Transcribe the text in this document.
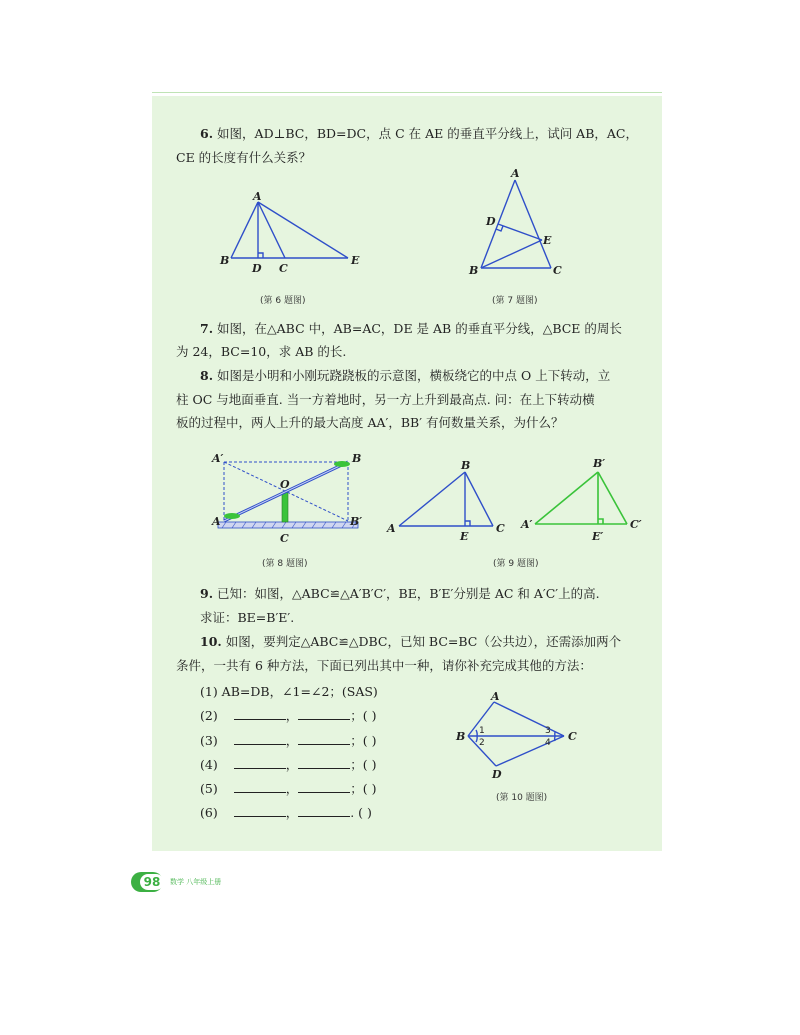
6. 如图，AD⊥BC，BD=DC，点 C 在 AE 的垂直平分线上，试问 AB，AC，
CE 的长度有什么关系？
A
B
D C
E
(第 6 题图)
A
D
E
B	C
(第 7 题图)
7. 如图，在△ABC 中，AB=AC，DE 是 AB 的垂直平分线，△BCE 的周长
为 24，BC=10，求 AB 的长.
8. 如图是小明和小刚玩跷跷板的示意图，横板绕它的中点 O 上下转动，立
柱 OC 与地面垂直. 当一方着地时，另一方上升到最高点. 问：在上下转动横
板的过程中，两人上升的最大高度 AA′，BB′ 有何数量关系，为什么？
A′	B
O
A	B′
C
(第 8 题图)
B
A
E
C
B′
A′
E′
C′
(第 9 题图)
9. 已知：如图，△ABC≌△A′B′C′，BE，B′E′分别是 AC 和 A′C′上的高.
求证：BE=B′E′.
10. 如图，要判定△ABC≌△DBC，已知 BC=BC（公共边），还需添加两个
条件，一共有 6 种方法，下面已列出其中一种，请你补充完成其他的方法：
(1) AB=DB，∠1=∠2；(SAS)
(2)	，	；( )
(3)	，	；( )
(4)	，	；( )
(5)	，	；( )
(6)	，	. ( )
A
B	C
D
1
2
3
4
(第 10 题图)
98	数学 八年级上册
